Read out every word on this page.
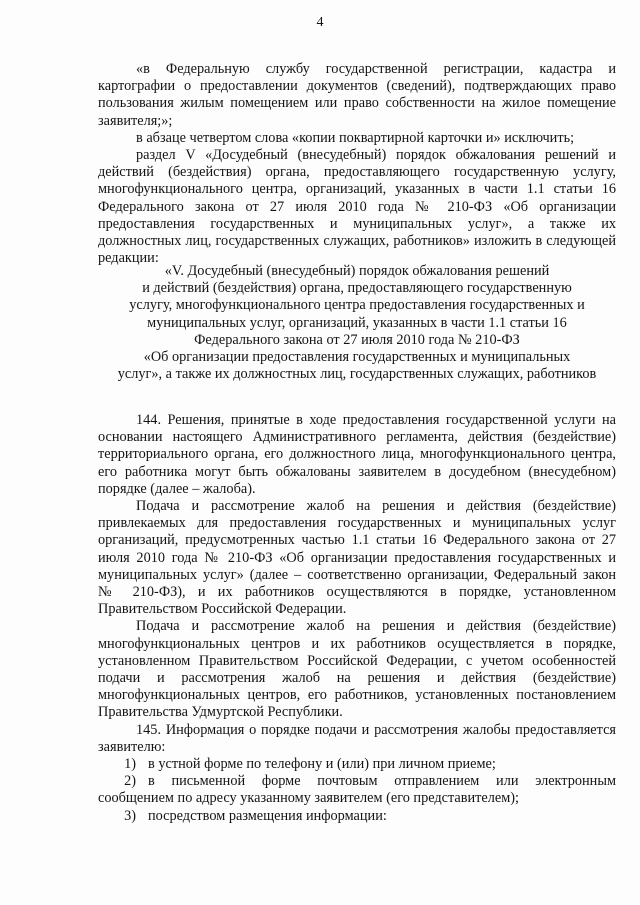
4

«в Федеральную службу государственной регистрации, кадастра и картографии о предоставлении документов (сведений), подтверждающих право пользования жилым помещением или право собственности на жилое помещение заявителя;»;

в абзаце четвертом слова «копии поквартирной карточки и» исключить;

раздел V «Досудебный (внесудебный) порядок обжалования решений и действий (бездействия) органа, предоставляющего государственную услугу, многофункционального центра, организаций, указанных в части 1.1 статьи 16 Федерального закона от 27 июля 2010 года № 210-ФЗ «Об организации предоставления государственных и муниципальных услуг», а также их должностных лиц, государственных служащих, работников» изложить в следующей редакции:

«V. Досудебный (внесудебный) порядок обжалования решений
и действий (бездействия) органа, предоставляющего государственную
услугу, многофункционального центра предоставления государственных и
муниципальных услуг, организаций, указанных в части 1.1 статьи 16
Федерального закона от 27 июля 2010 года № 210-ФЗ
«Об организации предоставления государственных и муниципальных
услуг», а также их должностных лиц, государственных служащих, работников

144. Решения, принятые в ходе предоставления государственной услуги на основании настоящего Административного регламента, действия (бездействие) территориального органа, его должностного лица, многофункционального центра, его работника могут быть обжалованы заявителем в досудебном (внесудебном) порядке (далее – жалоба).

Подача и рассмотрение жалоб на решения и действия (бездействие) привлекаемых для предоставления государственных и муниципальных услуг организаций, предусмотренных частью 1.1 статьи 16 Федерального закона от 27 июля 2010 года № 210-ФЗ «Об организации предоставления государственных и муниципальных услуг» (далее – соответственно организации, Федеральный закон № 210-ФЗ), и их работников осуществляются в порядке, установленном Правительством Российской Федерации.

Подача и рассмотрение жалоб на решения и действия (бездействие) многофункциональных центров и их работников осуществляется в порядке, установленном Правительством Российской Федерации, с учетом особенностей подачи и рассмотрения жалоб на решения и действия (бездействие) многофункциональных центров, его работников, установленных постановлением Правительства Удмуртской Республики.

145. Информация о порядке подачи и рассмотрения жалобы предоставляется заявителю:

1) в устной форме по телефону и (или) при личном приеме;

2) в письменной форме почтовым отправлением или электронным сообщением по адресу указанному заявителем (его представителем);

3) посредством размещения информации:
